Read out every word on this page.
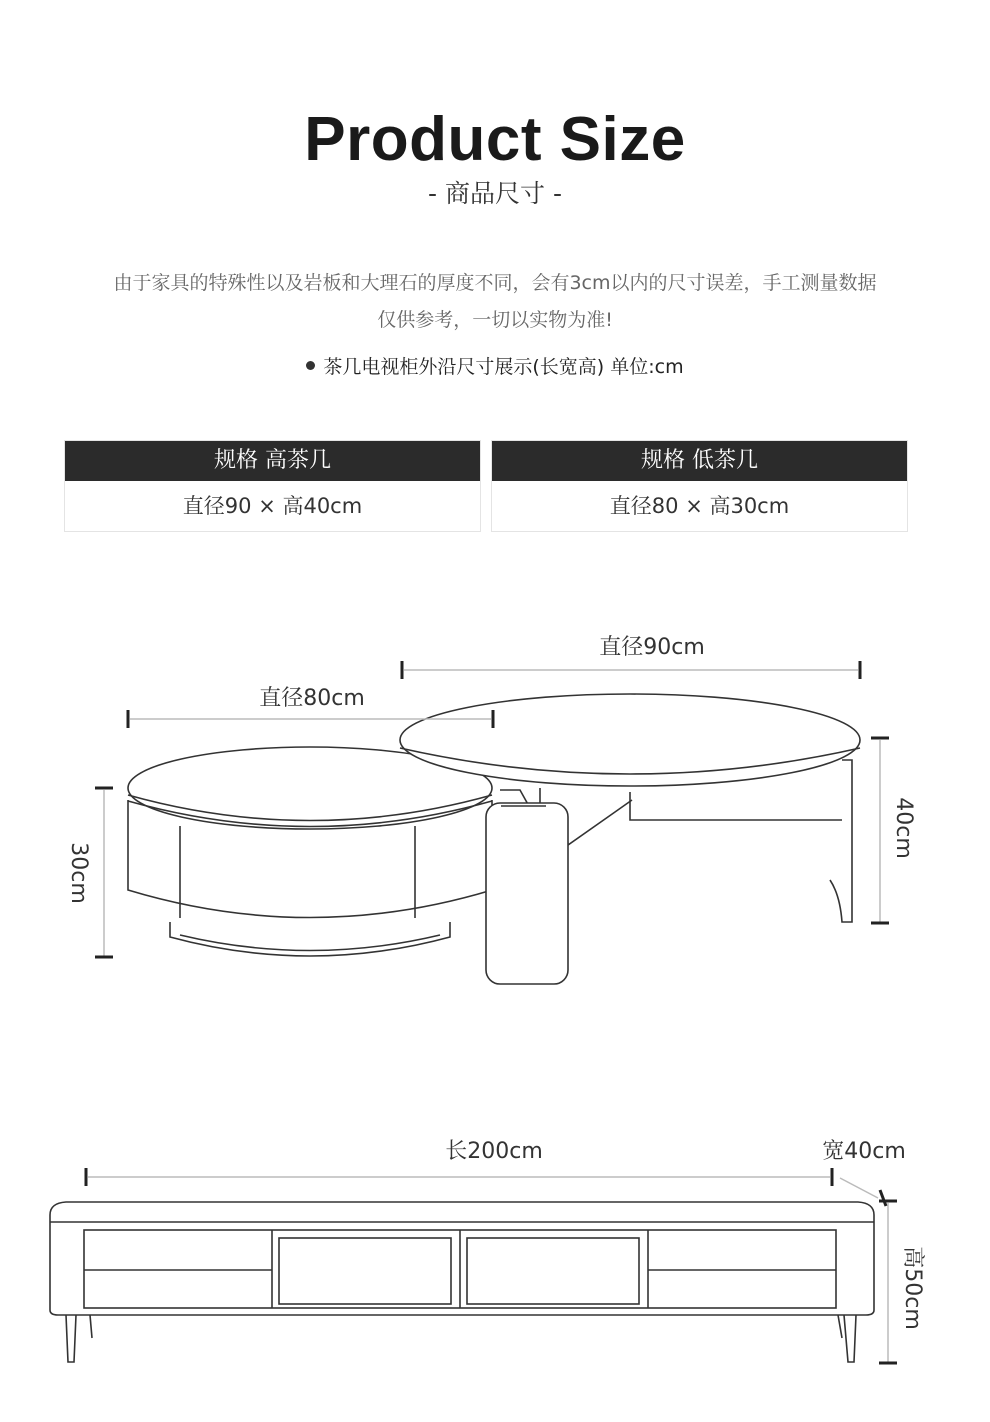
Product Size
- 商品尺寸 -
由于家具的特殊性以及岩板和大理石的厚度不同，会有3cm以内的尺寸误差，手工测量数据
仅供参考，一切以实物为准!
茶几电视柜外沿尺寸展示(长宽高) 单位:cm
规格 高茶几
直径90 × 高40cm
规格 低茶几
直径80 × 高30cm
直径90cm
直径80cm
30cm
40cm
长200cm	宽40cm
高50cm
